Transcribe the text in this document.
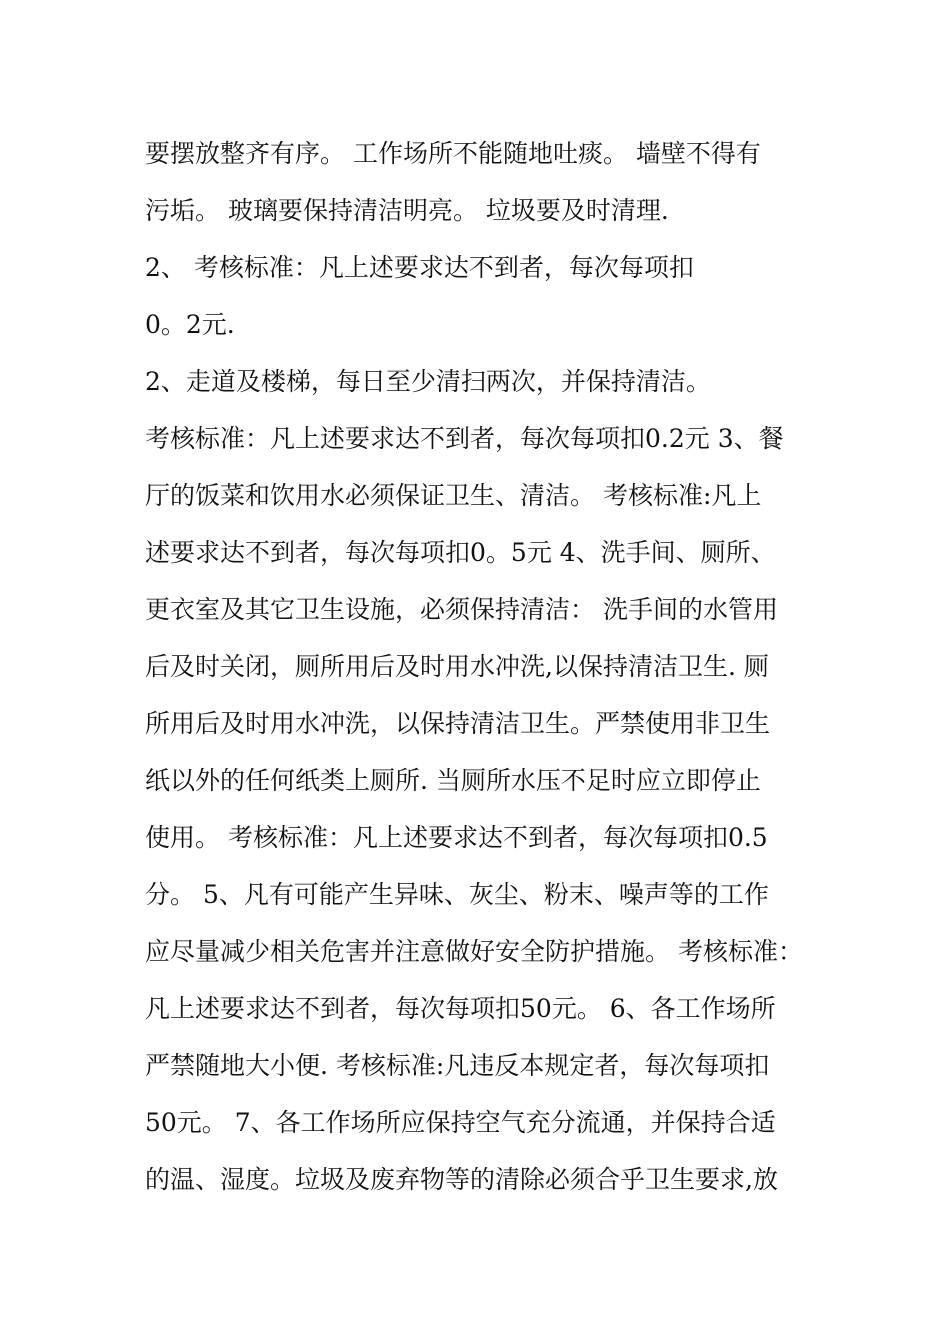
要摆放整齐有序。 工作场所不能随地吐痰。 墙壁不得有
污垢。 玻璃要保持清洁明亮。 垃圾要及时清理.
2、 考核标准：凡上述要求达不到者，每次每项扣
0。2元.
2、走道及楼梯，每日至少清扫两次，并保持清洁。
考核标准：凡上述要求达不到者，每次每项扣0.2元 3、餐
厅的饭菜和饮用水必须保证卫生、清洁。 考核标准:凡上
述要求达不到者，每次每项扣0。5元 4、洗手间、厕所、
更衣室及其它卫生设施，必须保持清洁： 洗手间的水管用
后及时关闭，厕所用后及时用水冲洗,以保持清洁卫生. 厕
所用后及时用水冲洗，以保持清洁卫生。严禁使用非卫生
纸以外的任何纸类上厕所. 当厕所水压不足时应立即停止
使用。 考核标准：凡上述要求达不到者，每次每项扣0.5
分。 5、凡有可能产生异味、灰尘、粉末、噪声等的工作
应尽量减少相关危害并注意做好安全防护措施。 考核标准：
凡上述要求达不到者，每次每项扣50元。 6、各工作场所
严禁随地大小便. 考核标准:凡违反本规定者，每次每项扣
50元。 7、各工作场所应保持空气充分流通，并保持合适
的温、湿度。垃圾及废弃物等的清除必须合乎卫生要求,放
